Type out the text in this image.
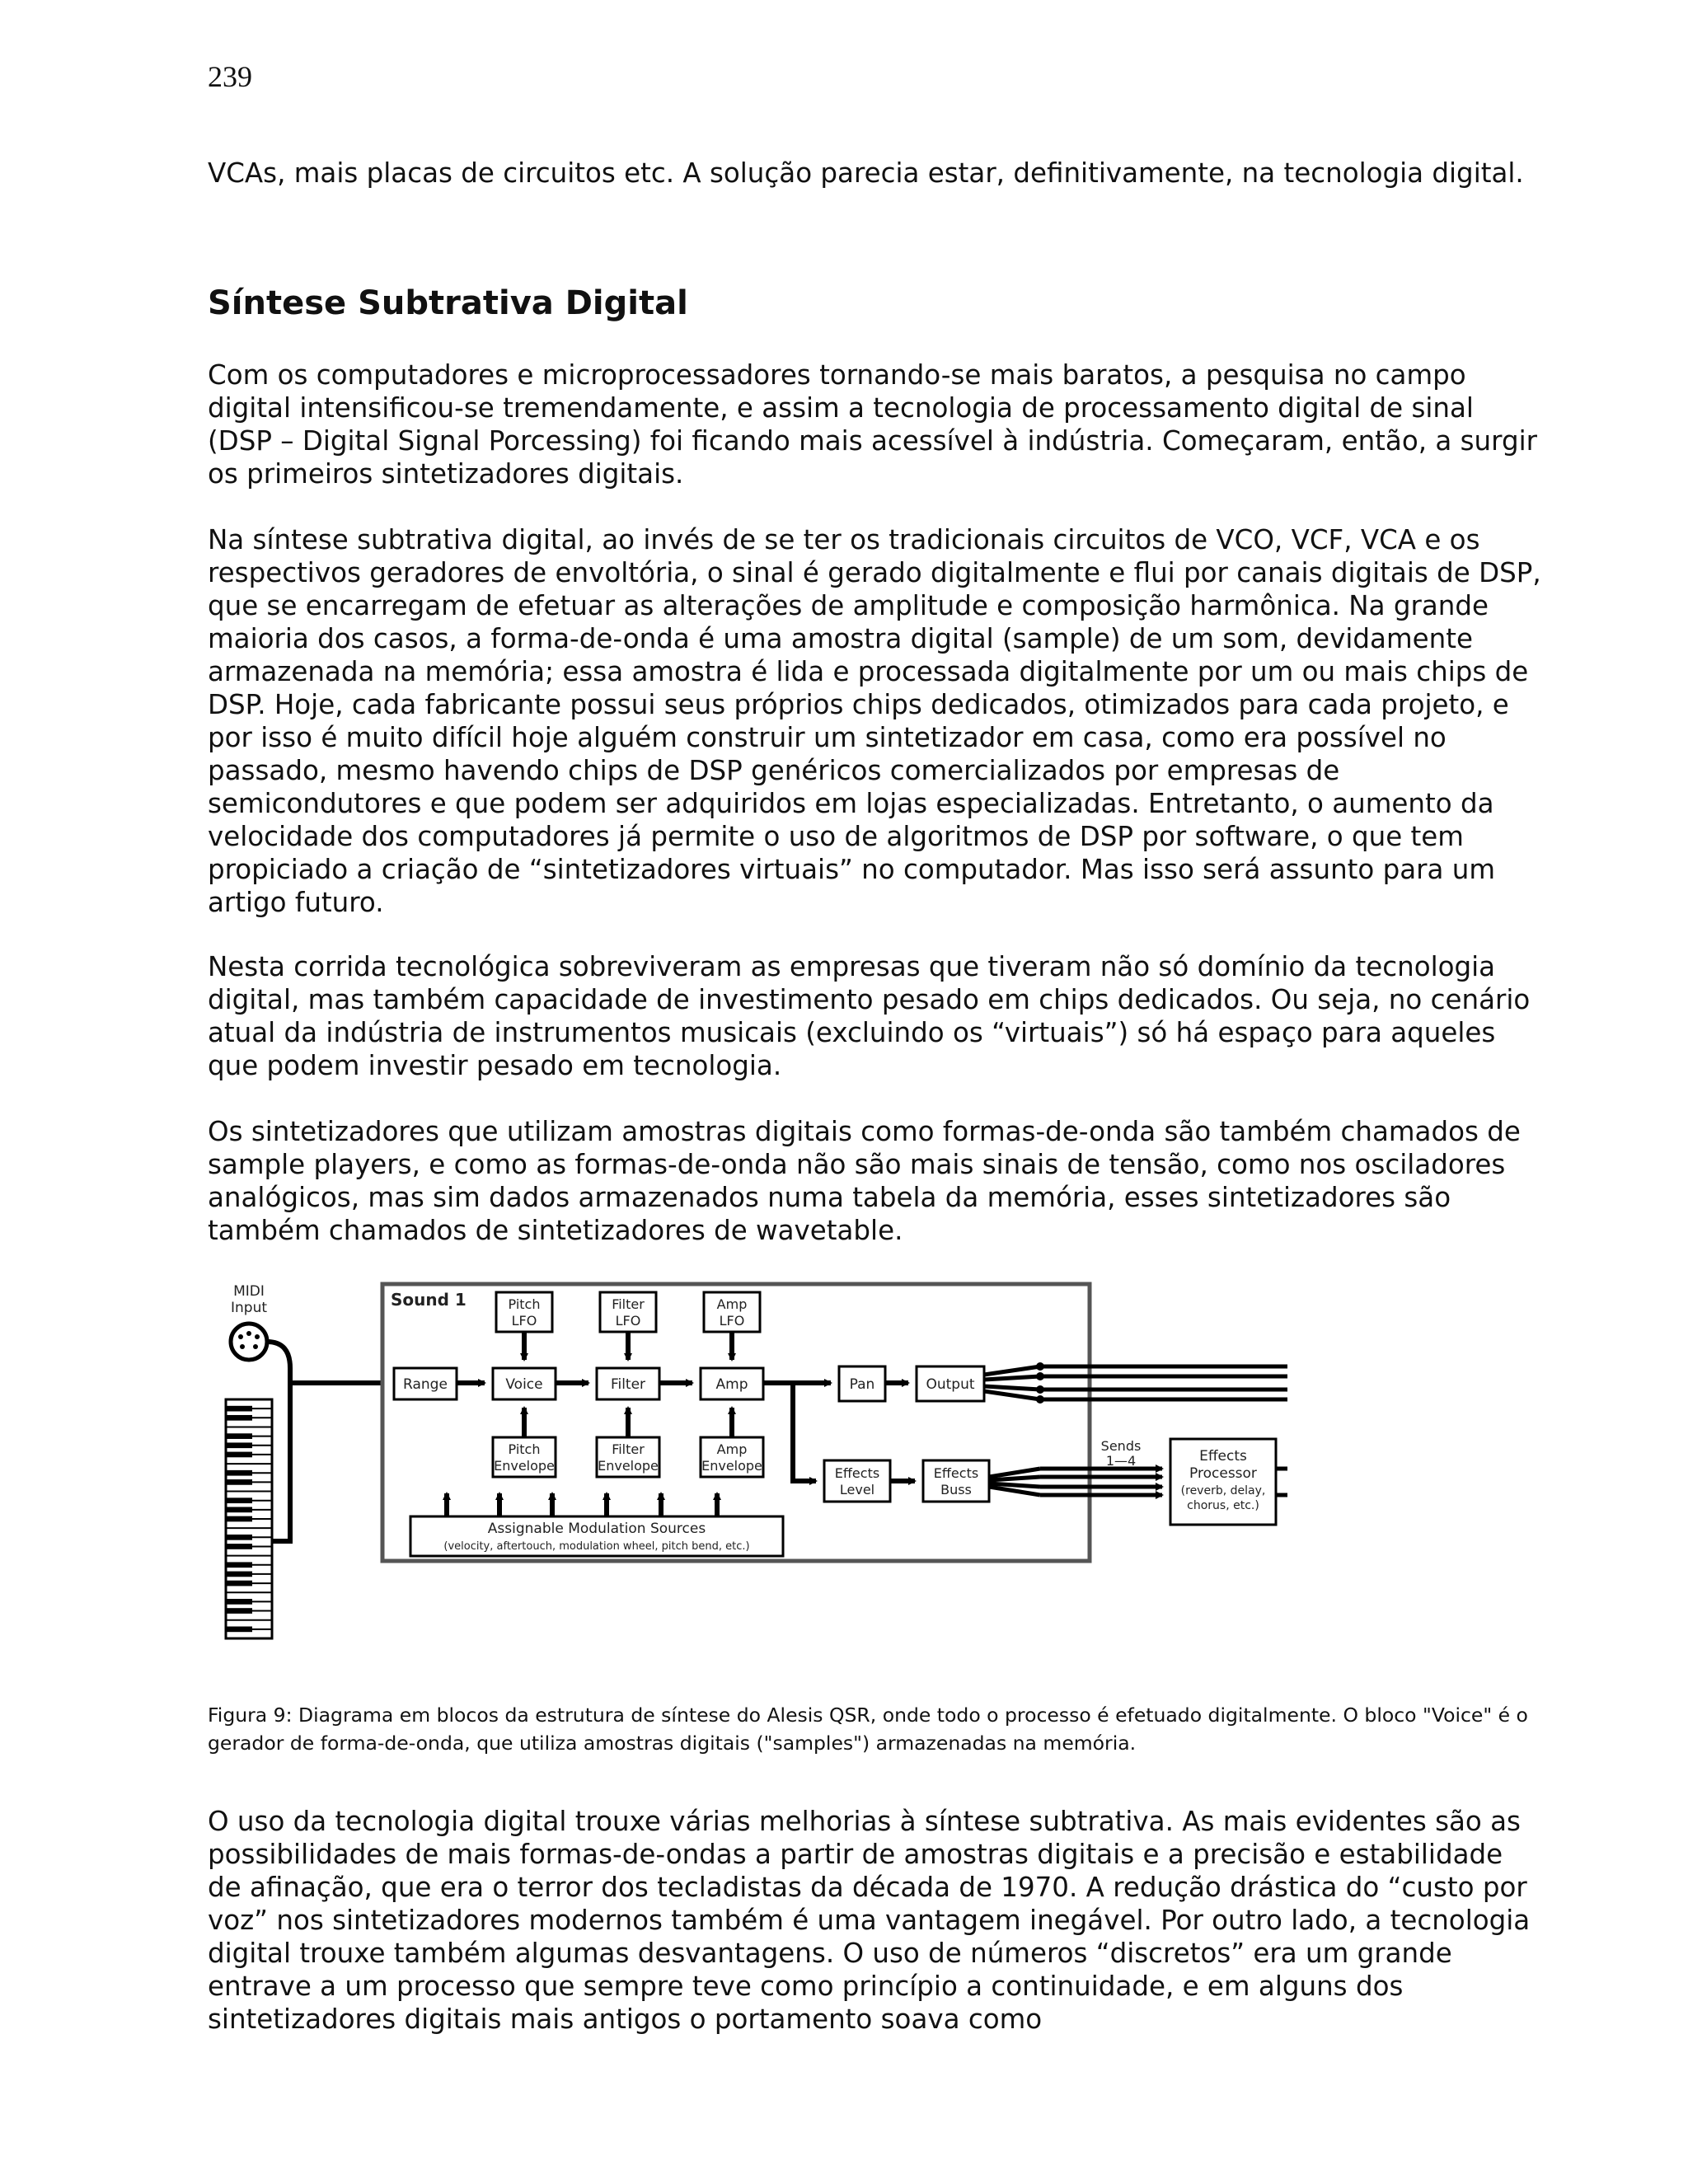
239

VCAs, mais placas de circuitos etc. A solução parecia estar, definitivamente, na tecnologia digital.

Síntese Subtrativa Digital

Com os computadores e microprocessadores tornando-se mais baratos, a pesquisa no campo digital intensificou-se tremendamente, e assim a tecnologia de processamento digital de sinal (DSP – Digital Signal Porcessing) foi ficando mais acessível à indústria. Começaram, então, a surgir os primeiros sintetizadores digitais.

Na síntese subtrativa digital, ao invés de se ter os tradicionais circuitos de VCO, VCF, VCA e os respectivos geradores de envoltória, o sinal é gerado digitalmente e flui por canais digitais de DSP, que se encarregam de efetuar as alterações de amplitude e composição harmônica. Na grande maioria dos casos, a forma-de-onda é uma amostra digital (sample) de um som, devidamente armazenada na memória; essa amostra é lida e processada digitalmente por um ou mais chips de DSP. Hoje, cada fabricante possui seus próprios chips dedicados, otimizados para cada projeto, e por isso é muito difícil hoje alguém construir um sintetizador em casa, como era possível no passado, mesmo havendo chips de DSP genéricos comercializados por empresas de semicondutores e que podem ser adquiridos em lojas especializadas. Entretanto, o aumento da velocidade dos computadores já permite o uso de algoritmos de DSP por software, o que tem propiciado a criação de “sintetizadores virtuais” no computador. Mas isso será assunto para um artigo futuro.

Nesta corrida tecnológica sobreviveram as empresas que tiveram não só domínio da tecnologia digital, mas também capacidade de investimento pesado em chips dedicados. Ou seja, no cenário atual da indústria de instrumentos musicais (excluindo os “virtuais”) só há espaço para aqueles que podem investir pesado em tecnologia.

Os sintetizadores que utilizam amostras digitais como formas-de-onda são também chamados de sample players, e como as formas-de-onda não são mais sinais de tensão, como nos osciladores analógicos, mas sim dados armazenados numa tabela da memória, esses sintetizadores são também chamados de sintetizadores de wavetable.

MIDI
Input	Sound 1	Pitch
LFO
Filter
LFO
Amp
LFO
Range	Voice	Filter	Amp	Pan	Output
Pitch
Envelope
Filter
Envelope
Amp
Envelope	Effects
Level
Effects
Buss
Effects
Processor
(reverb, delay,
chorus, etc.)
Sends
1—4
Assignable Modulation Sources
(velocity, aftertouch, modulation wheel, pitch bend, etc.)

Figura 9: Diagrama em blocos da estrutura de síntese do Alesis QSR, onde todo o processo é efetuado digitalmente. O bloco "Voice" é o gerador de forma-de-onda, que utiliza amostras digitais ("samples") armazenadas na memória.

O uso da tecnologia digital trouxe várias melhorias à síntese subtrativa. As mais evidentes são as possibilidades de mais formas-de-ondas a partir de amostras digitais e a precisão e estabilidade de afinação, que era o terror dos tecladistas da década de 1970. A redução drástica do “custo por voz” nos sintetizadores modernos também é uma vantagem inegável. Por outro lado, a tecnologia digital trouxe também algumas desvantagens. O uso de números “discretos” era um grande entrave a um processo que sempre teve como princípio a continuidade, e em alguns dos sintetizadores digitais mais antigos o portamento soava como
